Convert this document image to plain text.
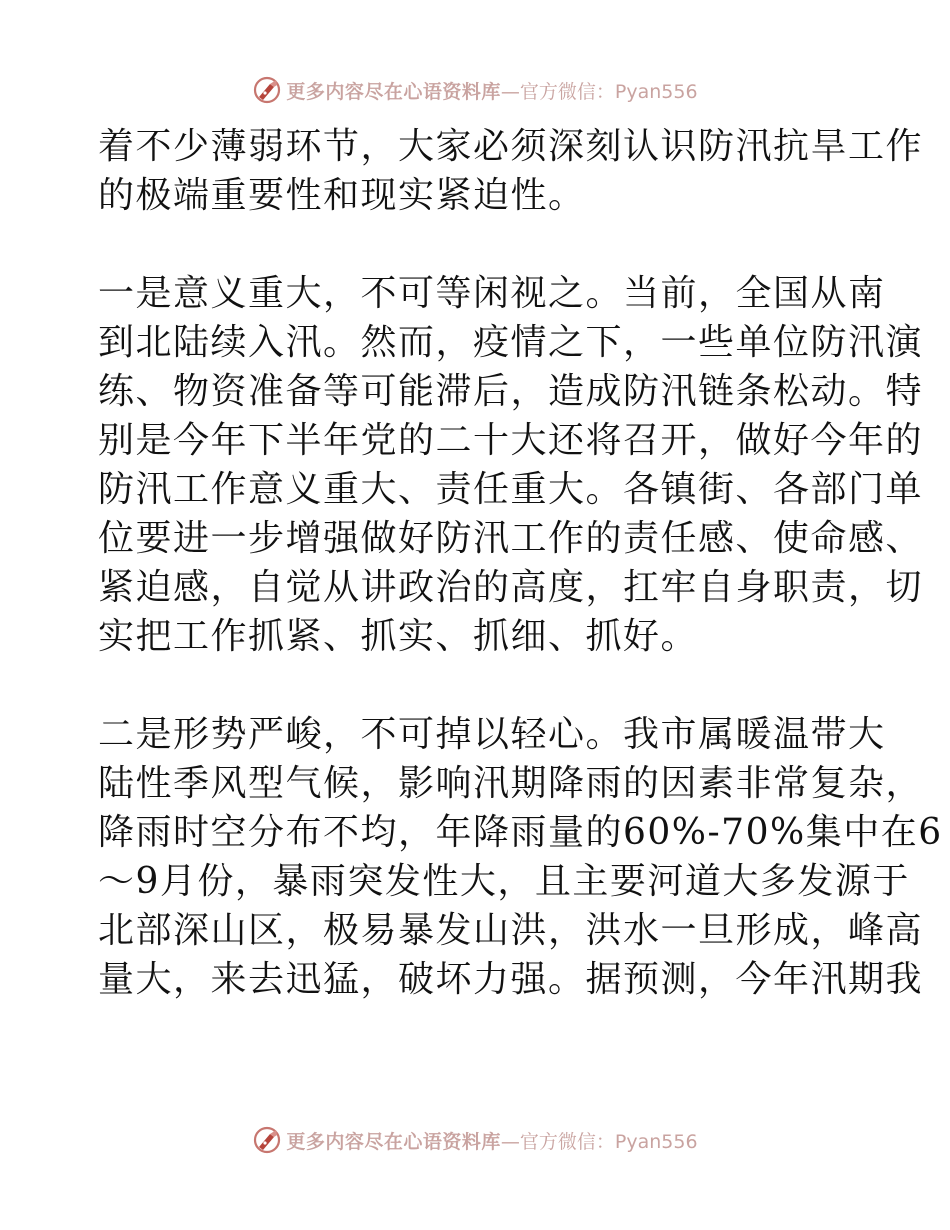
更多内容尽在心语资料库 —官方微信：Pyan556
着不少薄弱环节，大家必须深刻认识防汛抗旱工作
的极端重要性和现实紧迫性。
一是意义重大，不可等闲视之。当前，全国从南
到北陆续入汛。然而，疫情之下，一些单位防汛演
练、物资准备等可能滞后，造成防汛链条松动。特
别是今年下半年党的二十大还将召开，做好今年的
防汛工作意义重大、责任重大。各镇街、各部门单
位要进一步增强做好防汛工作的责任感、使命感、
紧迫感，自觉从讲政治的高度，扛牢自身职责，切
实把工作抓紧、抓实、抓细、抓好。
二是形势严峻，不可掉以轻心。我市属暖温带大
陆性季风型气候，影响汛期降雨的因素非常复杂，
降雨时空分布不均，年降雨量的60%-70%集中在6
～9月份，暴雨突发性大，且主要河道大多发源于
北部深山区，极易暴发山洪，洪水一旦形成，峰高
量大，来去迅猛，破坏力强。据预测，今年汛期我
更多内容尽在心语资料库 —官方微信：Pyan556
